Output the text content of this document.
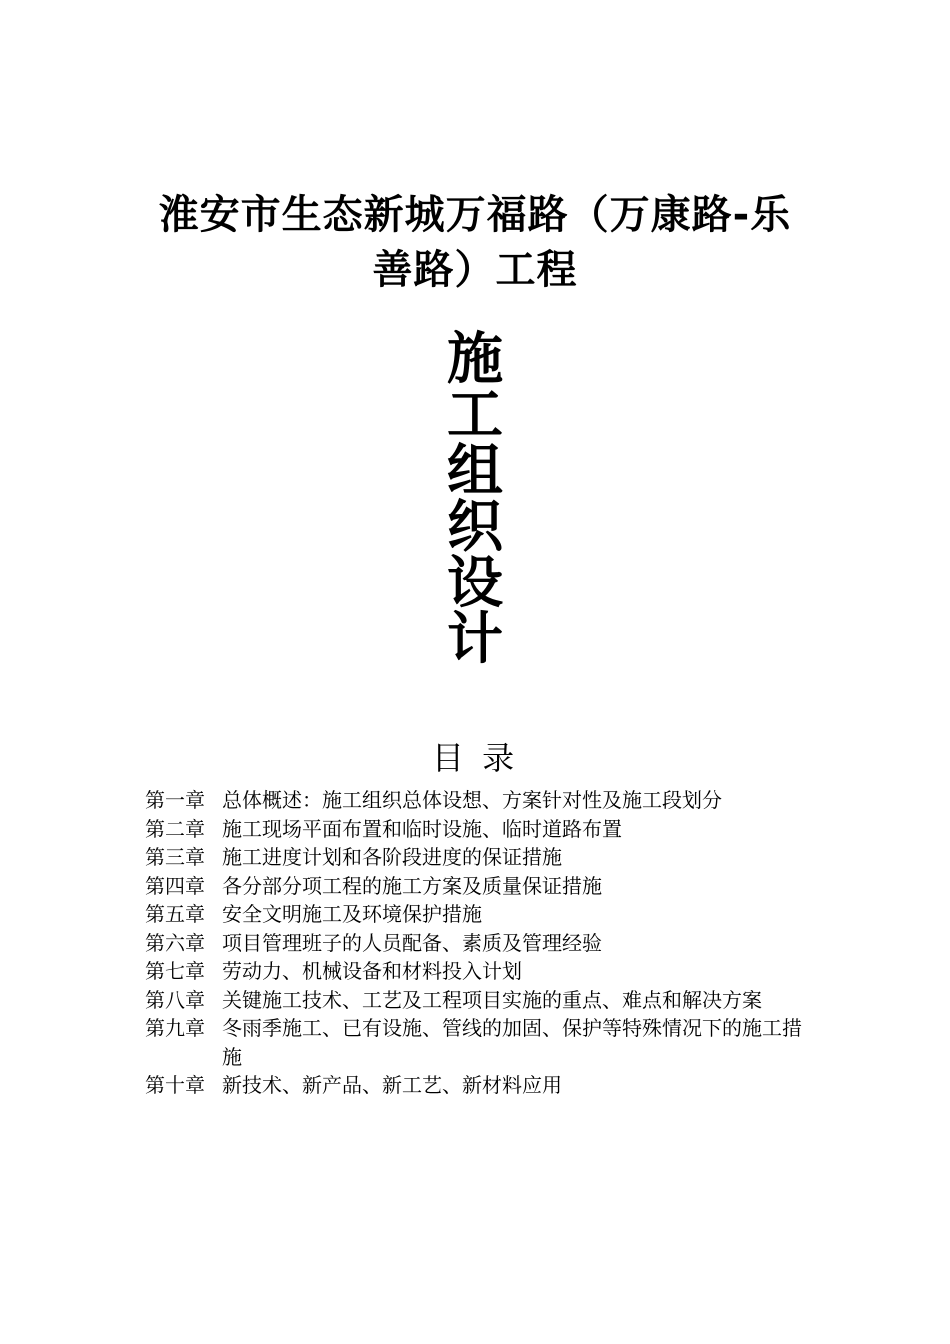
淮安市生态新城万福路（万康路-乐
善路）工程
施
工
组
织
设
计
目 录
第一章 总体概述：施工组织总体设想、方案针对性及施工段划分
第二章 施工现场平面布置和临时设施、临时道路布置
第三章 施工进度计划和各阶段进度的保证措施
第四章 各分部分项工程的施工方案及质量保证措施
第五章 安全文明施工及环境保护措施
第六章 项目管理班子的人员配备、素质及管理经验
第七章 劳动力、机械设备和材料投入计划
第八章 关键施工技术、工艺及工程项目实施的重点、难点和解决方案
第九章 冬雨季施工、已有设施、管线的加固、保护等特殊情况下的施工措施
第十章 新技术、新产品、新工艺、新材料应用
